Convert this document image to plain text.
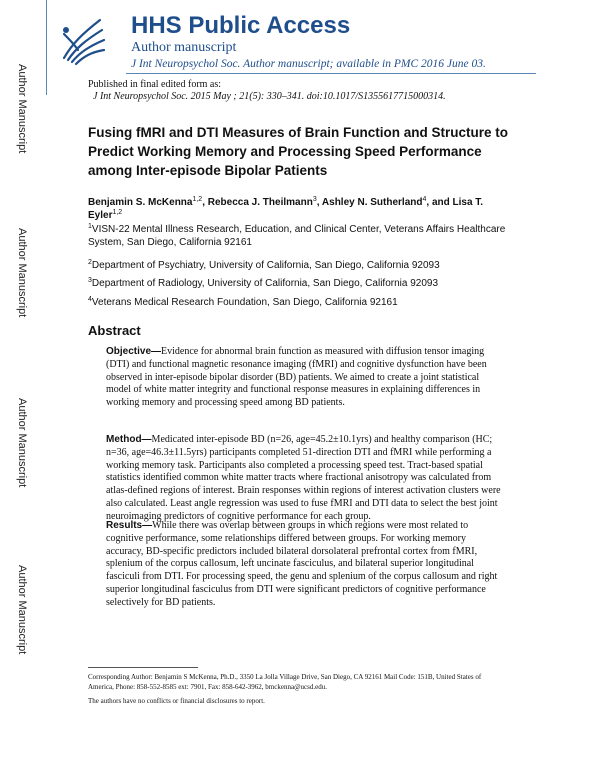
Author Manuscript
Author Manuscript
Author Manuscript
Author Manuscript
HHS Public Access
Author manuscript
J Int Neuropsychol Soc. Author manuscript; available in PMC 2016 June 03.
Published in final edited form as:
J Int Neuropsychol Soc. 2015 May ; 21(5): 330–341. doi:10.1017/S1355617715000314.
Fusing fMRI and DTI Measures of Brain Function and Structure to Predict Working Memory and Processing Speed Performance among Inter-episode Bipolar Patients
Benjamin S. McKenna$^{1,2}$, Rebecca J. Theilmann$^3$, Ashley N. Sutherland$^4$, and Lisa T. Eyler$^{1,2}$
$^1$VISN-22 Mental Illness Research, Education, and Clinical Center, Veterans Affairs Healthcare System, San Diego, California 92161
$^2$Department of Psychiatry, University of California, San Diego, California 92093
$^3$Department of Radiology, University of California, San Diego, California 92093
$^4$Veterans Medical Research Foundation, San Diego, California 92161
Abstract
Objective—Evidence for abnormal brain function as measured with diffusion tensor imaging (DTI) and functional magnetic resonance imaging (fMRI) and cognitive dysfunction have been observed in inter-episode bipolar disorder (BD) patients. We aimed to create a joint statistical model of white matter integrity and functional response measures in explaining differences in working memory and processing speed among BD patients.
Method—Medicated inter-episode BD (n=26, age=45.2±10.1yrs) and healthy comparison (HC; n=36, age=46.3±11.5yrs) participants completed 51-direction DTI and fMRI while performing a working memory task. Participants also completed a processing speed test. Tract-based spatial statistics identified common white matter tracts where fractional anisotropy was calculated from atlas-defined regions of interest. Brain responses within regions of interest activation clusters were also calculated. Least angle regression was used to fuse fMRI and DTI data to select the best joint neuroimaging predictors of cognitive performance for each group.
Results—While there was overlap between groups in which regions were most related to cognitive performance, some relationships differed between groups. For working memory accuracy, BD-specific predictors included bilateral dorsolateral prefrontal cortex from fMRI, splenium of the corpus callosum, left uncinate fasciculus, and bilateral superior longitudinal fasciculi from DTI. For processing speed, the genu and splenium of the corpus callosum and right superior longitudinal fasciculus from DTI were significant predictors of cognitive performance selectively for BD patients.
Corresponding Author: Benjamin S McKenna, Ph.D., 3350 La Jolla Village Drive, San Diego, CA 92161 Mail Code: 151B, United States of America, Phone: 858-552-8585 ext: 7901, Fax: 858-642-3962, bmckenna@ucsd.edu.
The authors have no conflicts or financial disclosures to report.
